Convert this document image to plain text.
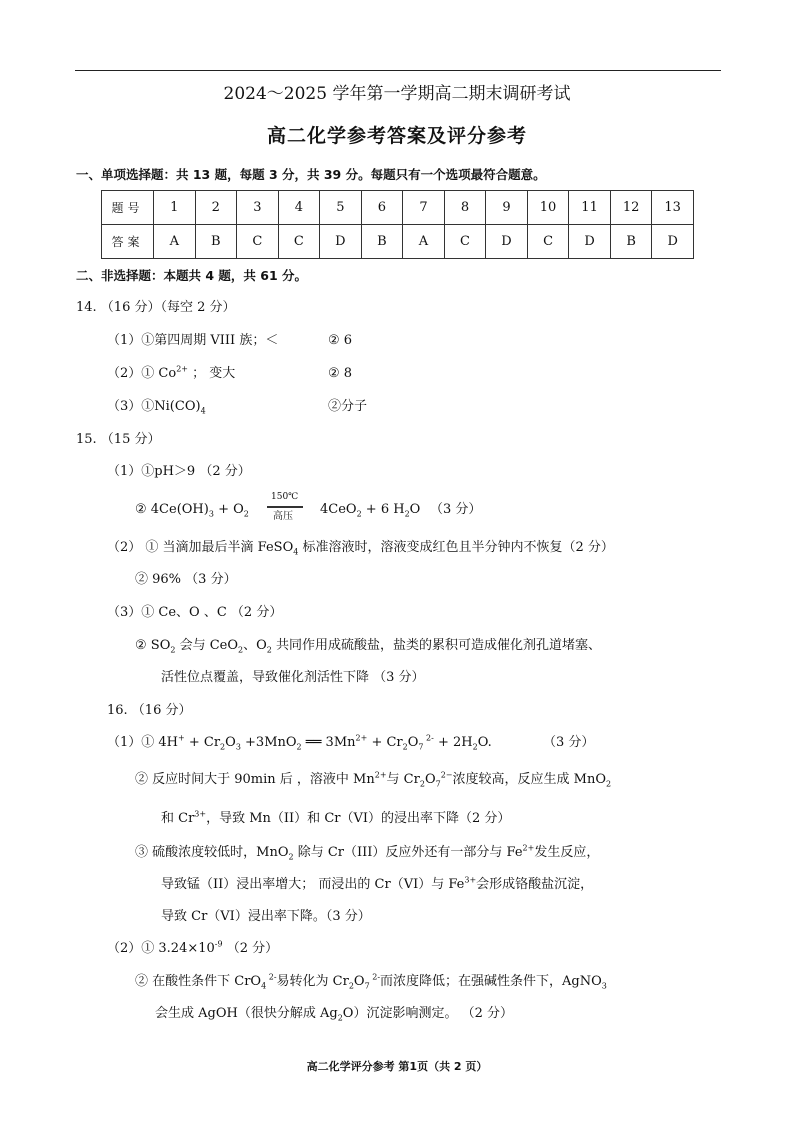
2024～2025 学年第一学期高二期末调研考试
高二化学参考答案及评分参考
一、单项选择题：共 13 题，每题 3 分，共 39 分。每题只有一个选项最符合题意。
题号	1	2	3	4	5	6	7	8	9	10	11	12	13
答案	A	B	C	C	D	B	A	C	D	C	D	B	D
二、非选择题：本题共 4 题，共 61 分。
14. （16 分）（每空 2 分）
（1）①第四周期 VIII 族；＜	② 6
（2）① $Co^{2+}$ ； 变大	② 8
$(3)①Ni(CO)_4$	②分子
15. （15 分）
（1）①pH＞9 （2 分）
② $4Ce(OH)_3 + O_2$
150℃
高压 4CeO$_2$ + 6 $H_2O$ （3 分）
（2） ① 当滴加最后半滴 FeSO$_4$ 标准溶液时，溶液变成红色且半分钟内不恢复（2 分）
② 96% （3 分）
（3）① Ce、O 、C （2 分）
② $SO_2$ 会与 CeO$_2$、$O_2$ 共同作用成硫酸盐，盐类的累积可造成催化剂孔道堵塞、
活性位点覆盖，导致催化剂活性下降 （3 分）
16. （16 分）
（1）① $4H^+ + Cr_2O_3 +3MnO_2$ ══ $3Mn^{2+} + Cr_2O_7$ $^{2-} + 2H_2O$.	（3 分）
② 反应时间大于 90min 后 ，溶液中 $Mn^{2+}$与 $Cr_2O_7^{2-}$浓度较高，反应生成 MnO$_2$
和 $Cr^{3+}$，导致 Mn（II）和 Cr（VI）的浸出率下降（2 分）
③ 硫酸浓度较低时，MnO$_2$ 除与 Cr（III）反应外还有一部分与 $Fe^{2+}$发生反应，
导致锰（II）浸出率增大； 而浸出的 Cr（VI）与 $Fe^{3+}$会形成铬酸盐沉淀，
导致 Cr（VI）浸出率下降。（3 分）
（2）① $3.24\times 10^{-9}$ （2 分）
② 在酸性条件下 CrO$_4$ $^{2-}$易转化为 $Cr_2O_7$ $^{2-}$而浓度降低；在强碱性条件下，AgNO$_3$
会生成 AgOH（很快分解成 $Ag_2O$）沉淀影响测定。 （2 分）
高二化学评分参考 第1页（共 2 页）
